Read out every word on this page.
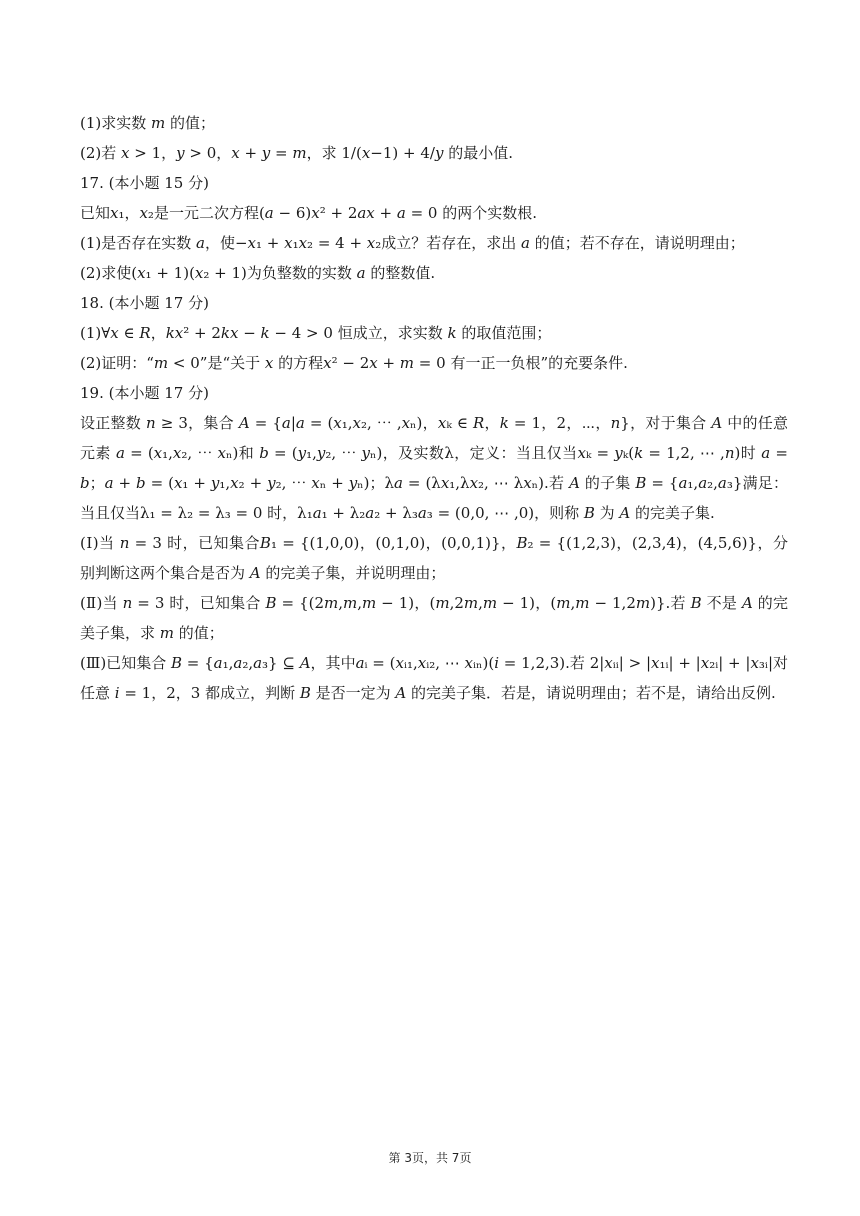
(1)求实数 𝑚 的值；
(2)若 𝑥 > 1，𝑦 > 0，𝑥 + 𝑦 = 𝑚，求 1/(𝑥−1) + 4/𝑦 的最小值.
17. (本小题 15 分)
已知𝑥₁，𝑥₂是一元二次方程(𝑎 − 6)𝑥² + 2𝑎𝑥 + 𝑎 = 0 的两个实数根.
(1)是否存在实数 𝑎，使−𝑥₁ + 𝑥₁𝑥₂ = 4 + 𝑥₂成立？若存在，求出 𝑎 的值；若不存在，请说明理由；
(2)求使(𝑥₁ + 1)(𝑥₂ + 1)为负整数的实数 𝑎 的整数值.
18. (本小题 17 分)
(1)∀𝑥 ∈ 𝑅，𝑘𝑥² + 2𝑘𝑥 − 𝑘 − 4 > 0 恒成立，求实数 𝑘 的取值范围；
(2)证明：“𝑚 < 0”是“关于 𝑥 的方程𝑥² − 2𝑥 + 𝑚 = 0 有一正一负根”的充要条件.
19. (本小题 17 分)
设正整数 𝑛 ≥ 3，集合 𝐴 = {𝑎|𝑎 = (𝑥₁,𝑥₂, ⋯ ,𝑥ₙ)，𝑥ₖ ∈ 𝑅，𝑘 = 1，2，⋯，𝑛}，对于集合 𝐴 中的任意元素 𝑎 = (𝑥₁,𝑥₂, ⋯ 𝑥ₙ)和 𝑏 = (𝑦₁,𝑦₂, ⋯ 𝑦ₙ)，及实数λ，定义：当且仅当𝑥ₖ = 𝑦ₖ(𝑘 = 1,2, ⋯ ,𝑛)时 𝑎 = 𝑏；𝑎 + 𝑏 = (𝑥₁ + 𝑦₁,𝑥₂ + 𝑦₂, ⋯ 𝑥ₙ + 𝑦ₙ)；λ𝑎 = (λ𝑥₁,λ𝑥₂, ⋯ λ𝑥ₙ).若 𝐴 的子集 𝐵 = {𝑎₁,𝑎₂,𝑎₃}满足：当且仅当λ₁ = λ₂ = λ₃ = 0 时，λ₁𝑎₁ + λ₂𝑎₂ + λ₃𝑎₃ = (0,0, ⋯ ,0)，则称 𝐵 为 𝐴 的完美子集.
(Ⅰ)当 𝑛 = 3 时，已知集合𝐵₁ = {(1,0,0)，(0,1,0)，(0,0,1)}，𝐵₂ = {(1,2,3)，(2,3,4)，(4,5,6)}，分别判断这两个集合是否为 𝐴 的完美子集，并说明理由；
(Ⅱ)当 𝑛 = 3 时，已知集合 𝐵 = {(2𝑚,𝑚,𝑚 − 1)，(𝑚,2𝑚,𝑚 − 1)，(𝑚,𝑚 − 1,2𝑚)}.若 𝐵 不是 𝐴 的完美子集，求 𝑚 的值；
(Ⅲ)已知集合 𝐵 = {𝑎₁,𝑎₂,𝑎₃} ⊆ 𝐴，其中𝑎ᵢ = (𝑥ᵢ₁,𝑥ᵢ₂, ⋯ 𝑥ᵢₙ)(𝑖 = 1,2,3).若 2|𝑥ᵢᵢ| > |𝑥₁ᵢ| + |𝑥₂ᵢ| + |𝑥₃ᵢ|对任意 𝑖 = 1，2，3 都成立，判断 𝐵 是否一定为 𝐴 的完美子集．若是，请说明理由；若不是，请给出反例.
第 3页，共 7页
